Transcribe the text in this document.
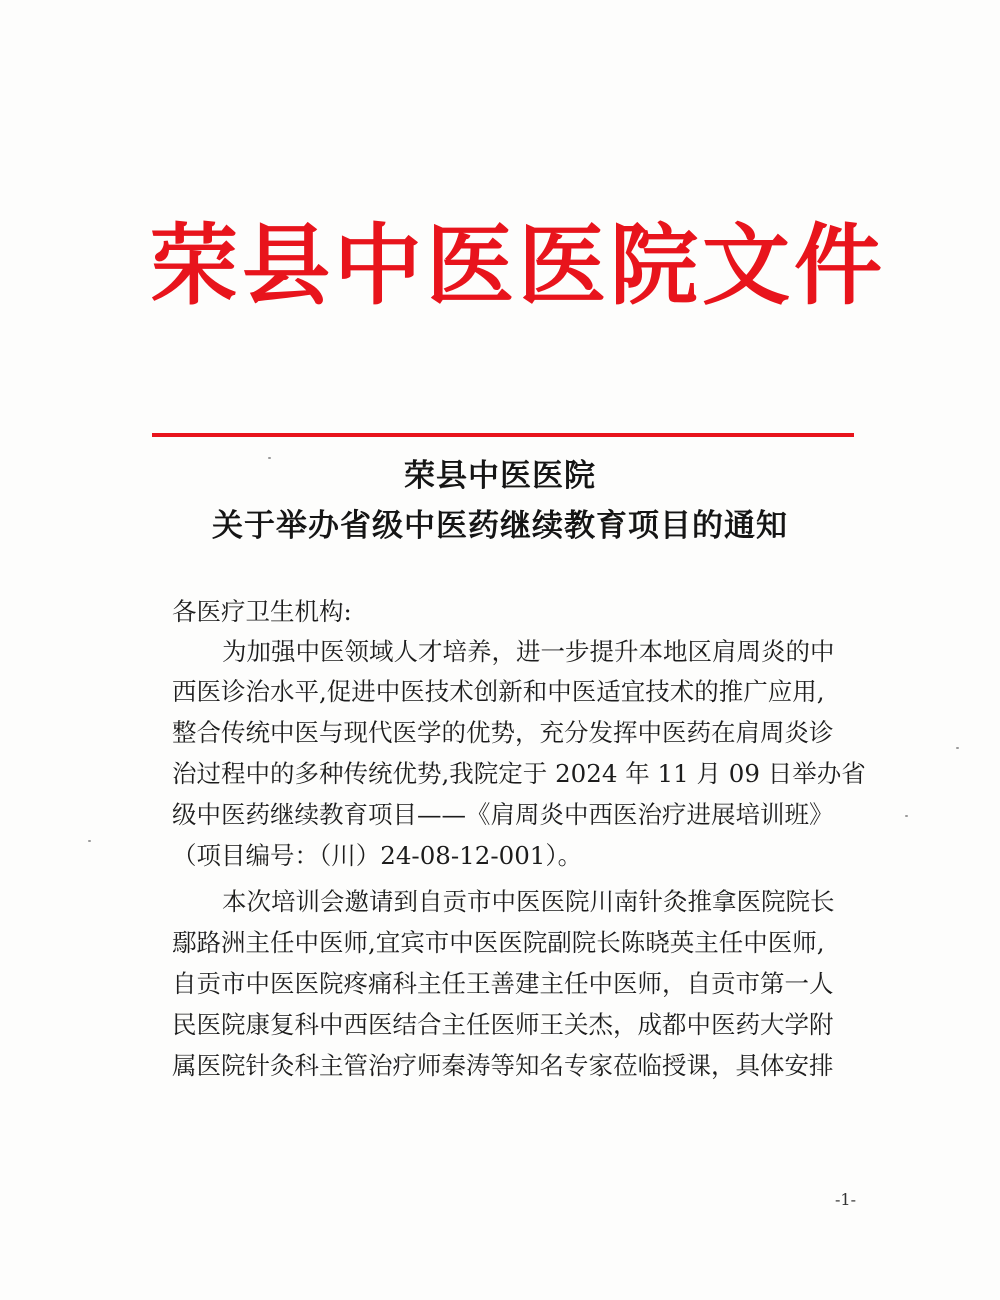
荣县中医医院文件
荣县中医医院
关于举办省级中医药继续教育项目的通知
各医疗卫生机构:
为加强中医领域人才培养，进一步提升本地区肩周炎的中
西医诊治水平,促进中医技术创新和中医适宜技术的推广应用,
整合传统中医与现代医学的优势，充分发挥中医药在肩周炎诊
治过程中的多种传统优势,我院定于 2024 年 11 月 09 日举办省
级中医药继续教育项目——《肩周炎中西医治疗进展培训班》
（项目编号：（川）24-08-12-001）。
本次培训会邀请到自贡市中医医院川南针灸推拿医院院长
鄢路洲主任中医师,宜宾市中医医院副院长陈晓英主任中医师,
自贡市中医医院疼痛科主任王善建主任中医师，自贡市第一人
民医院康复科中西医结合主任医师王关杰，成都中医药大学附
属医院针灸科主管治疗师秦涛等知名专家莅临授课，具体安排
-1-
